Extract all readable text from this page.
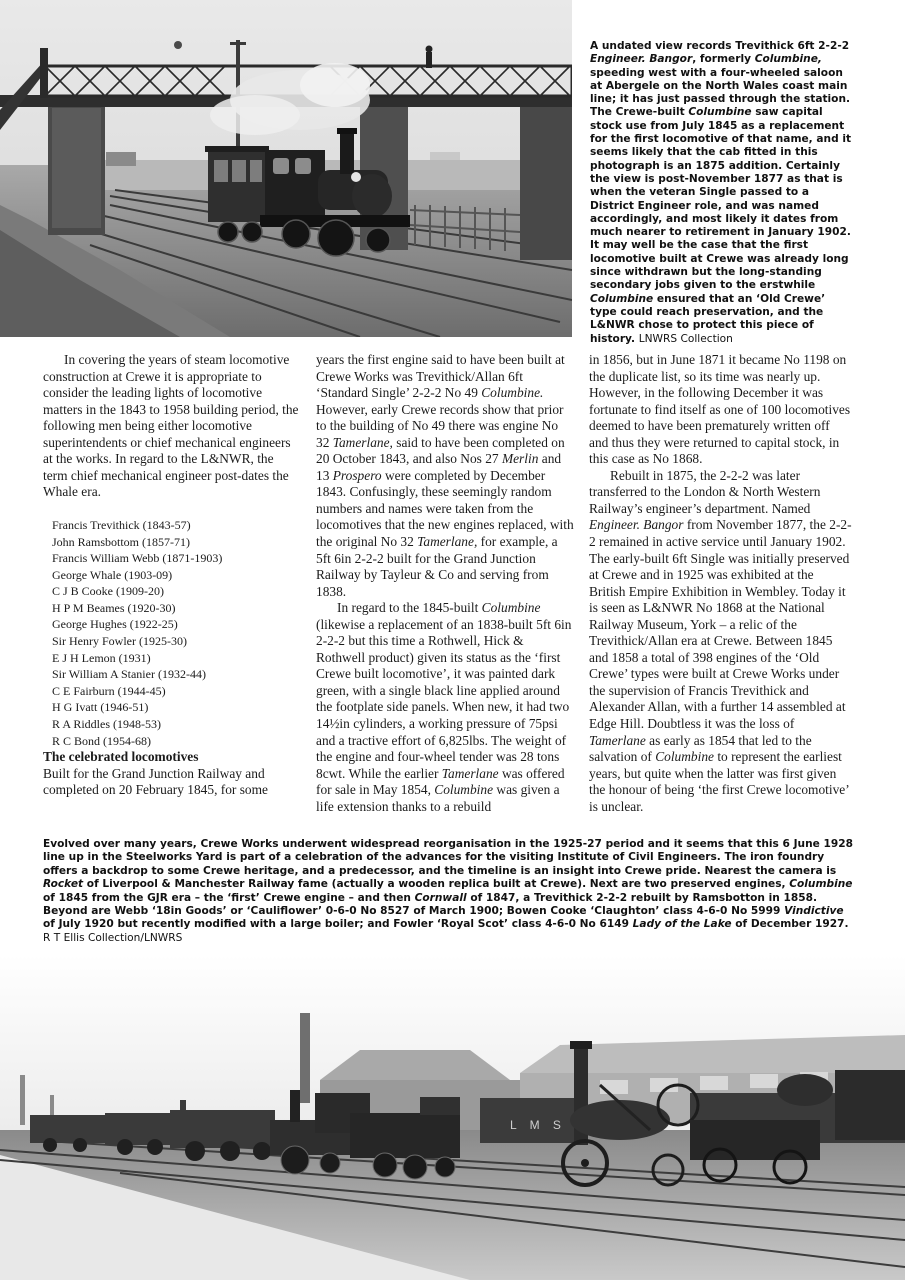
A undated view records Trevithick 6ft 2-2-2 Engineer. Bangor, formerly Columbine, speeding west with a four-wheeled saloon at Abergele on the North Wales coast main line; it has just passed through the station. The Crewe-built Columbine saw capital stock use from July 1845 as a replacement for the first locomotive of that name, and it seems likely that the cab fitted in this photograph is an 1875 addition. Certainly the view is post-November 1877 as that is when the veteran Single passed to a District Engineer role, and was named accordingly, and most likely it dates from much nearer to retirement in January 1902. It may well be the case that the first locomotive built at Crewe was already long since withdrawn but the long-standing secondary jobs given to the erstwhile Columbine ensured that an ‘Old Crewe’ type could reach preservation, and the L&NWR chose to protect this piece of history. LNWRS Collection

In covering the years of steam locomotive construction at Crewe it is appropriate to consider the leading lights of locomotive matters in the 1843 to 1958 building period, the following men being either locomotive superintendents or chief mechanical engineers at the works. In regard to the L&NWR, the term chief mechanical engineer post-dates the Whale era.

Francis Trevithick (1843-57)
John Ramsbottom (1857-71)
Francis William Webb (1871-1903)
George Whale (1903-09)
C J B Cooke (1909-20)
H P M Beames (1920-30)
George Hughes (1922-25)
Sir Henry Fowler (1925-30)
E J H Lemon (1931)
Sir William A Stanier (1932-44)
C E Fairburn (1944-45)
H G Ivatt (1946-51)
R A Riddles (1948-53)
R C Bond (1954-68)

The celebrated locomotives

Built for the Grand Junction Railway and completed on 20 February 1845, for some

years the first engine said to have been built at Crewe Works was Trevithick/Allan 6ft ‘Standard Single’ 2-2-2 No 49 Columbine. However, early Crewe records show that prior to the building of No 49 there was engine No 32 Tamerlane, said to have been completed on 20 October 1843, and also Nos 27 Merlin and 13 Prospero were completed by December 1843. Confusingly, these seemingly random numbers and names were taken from the locomotives that the new engines replaced, with the original No 32 Tamerlane, for example, a 5ft 6in 2-2-2 built for the Grand Junction Railway by Tayleur & Co and serving from 1838.

In regard to the 1845-built Columbine (likewise a replacement of an 1838-built 5ft 6in 2-2-2 but this time a Rothwell, Hick & Rothwell product) given its status as the ‘first Crewe built locomotive’, it was painted dark green, with a single black line applied around the footplate side panels. When new, it had two 14½in cylinders, a working pressure of 75psi and a tractive effort of 6,825lbs. The weight of the engine and four-wheel tender was 28 tons 8cwt. While the earlier Tamerlane was offered for sale in May 1854, Columbine was given a life extension thanks to a rebuild

in 1856, but in June 1871 it became No 1198 on the duplicate list, so its time was nearly up. However, in the following December it was fortunate to find itself as one of 100 locomotives deemed to have been prematurely written off and thus they were returned to capital stock, in this case as No 1868.

Rebuilt in 1875, the 2-2-2 was later transferred to the London & North Western Railway’s engineer’s department. Named Engineer. Bangor from November 1877, the 2-2-2 remained in active service until January 1902. The early-built 6ft Single was initially preserved at Crewe and in 1925 was exhibited at the British Empire Exhibition in Wembley. Today it is seen as L&NWR No 1868 at the National Railway Museum, York – a relic of the Trevithick/Allan era at Crewe. Between 1845 and 1858 a total of 398 engines of the ‘Old Crewe’ types were built at Crewe Works under the supervision of Francis Trevithick and Alexander Allan, with a further 14 assembled at Edge Hill. Doubtless it was the loss of Tamerlane as early as 1854 that led to the salvation of Columbine to represent the earliest years, but quite when the latter was first given the honour of being ‘the first Crewe locomotive’ is unclear.

Evolved over many years, Crewe Works underwent widespread reorganisation in the 1925-27 period and it seems that this 6 June 1928 line up in the Steelworks Yard is part of a celebration of the advances for the visiting Institute of Civil Engineers. The iron foundry offers a backdrop to some Crewe heritage, and a predecessor, and the timeline is an insight into Crewe pride. Nearest the camera is Rocket of Liverpool & Manchester Railway fame (actually a wooden replica built at Crewe). Next are two preserved engines, Columbine of 1845 from the GJR era – the ‘first’ Crewe engine – and then Cornwall of 1847, a Trevithick 2-2-2 rebuilt by Ramsbotton in 1858. Beyond are Webb ‘18in Goods’ or ‘Cauliflower’ 0-6-0 No 8527 of March 1900; Bowen Cooke ‘Claughton’ class 4-6-0 No 5999 Vindictive of July 1920 but recently modified with a large boiler; and Fowler ‘Royal Scot’ class 4-6-0 No 6149 Lady of the Lake of December 1927. R T Ellis Collection/LNWRS
L M S
